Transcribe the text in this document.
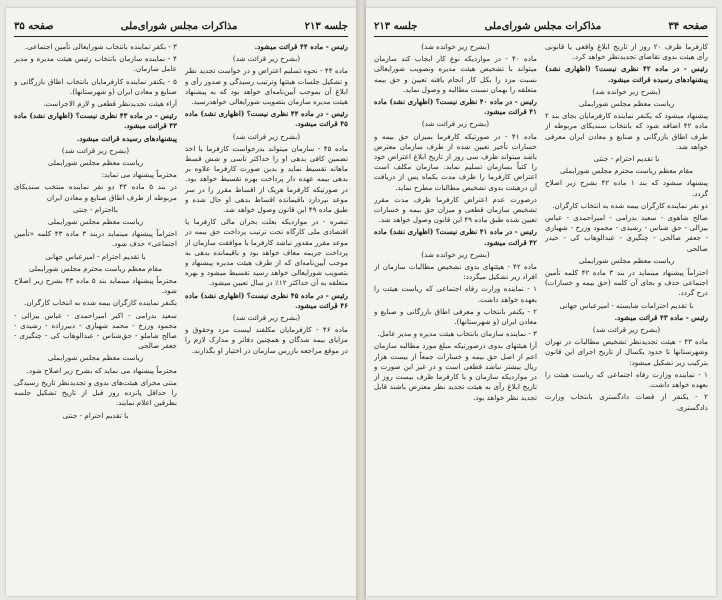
جلسه ۲۱۳
مذاکرات مجلس شورای‌ملی
صفحه ۳۵

۳ - بکفر نماینده بانتخاب شورایعالی تأمین اجتماعی.

۴ - نماینده سازمان بانتخاب رئیس هیئت مدیره و مدیر عامل سازمان.

۵ - یکنفر نماینده کارفرمایان بانتخاب اطاق بازرگانی و صنایع و معادن ایران (و شهرستانها).

آراء هیئت تجدیدنظر قطعی و لازم الاجراست.

رئیس - در ماده ۴۳ نظری نیست؟ (اظهاری نشد) ماده ۴۳ قرائت میشود.

پیشنهادهای رسیده قرائت میشود.

(بشرح زیر قرائت شد)

ریاست معظم مجلس شورایملی

محترماً پیشنهاد می نماید:

در بند ۵ ماده ۴۳ دو نفر نماینده منتخب سندیکای مربوطه از طرف اطاق صنایع و معادن ایران

بااحترام - جنتی

ریاست معظم مجلس شورایملی

احتراماً پیشنهاد مینماید دربند ۳ ماده ۴۳ کلمه «تأمین اجتماعی» حذف شود.

با تقدیم احترام - امیرعباس جهانی

مقام معظم ریاست محترم مجلس شورایملی

محترماً پیشنهاد مینماید بند ۵ ماده ۴۳ بشرح زیر اصلاح شود.

یکنفر نماینده کارگران بیمه شده به انتخاب کارگران.

سعید بدرامی - اکبر امیراحمدی - عباس بیزالی - محمود وزرخ - محمد شهبازی - دبیرزاده - رشیدی - صالح شاملو - حق‌شناس - عبدالوهاب کی - چنگیزی - جعفر صالحی

ریاست معظم مجلس شورایملی

محترماً پیشنهاد می نماید که بشرح زیر اصلاح شود.

منتی مجرای هیئت‌های بدوی و تجدیدنظر تاریخ رسیدگی را حداقل پانزده روز قبل از تاریخ تشکیل جلسه بطرفین اعلام نمایند.

با تقدیم احترام - جنتی

رئیس - ماده ۴۴ قرائت میشود.

(بشرح زیر قرائت شد)

ماده ۴۴ - نحوه تسلیم اعتراض و در خواست تجدید نظر و تشکیل جلسات هیئتها وترتیب رسیدگی و صدور رأی و ابلاغ آن بموجب آیین‌نامه‌ای خواهد بود که به پیشنهاد هیئت مدیره سازمان بتصویب شورایعالی خواهدرسید.

رئیس - در ماده ۴۴ نظری نیست؟ (اظهاری نشد) ماده ۴۵ قرائت میشود.

(بشرح زیر قرائت شد)

ماده ۴۵ - سازمان میتواند بدرخواست کارفرما با اخذ تضمین کافی بدهی او را حداکثر تاسی و شش قسط ماهانه تقسیط نماید و بدین صورت کارفرما علاوه بر بدهی بیمه عهده دار پرداخت بهره تقسیط خواهد بود. در صورتیکه کارفرما هریک از اقساط مقرر را در سر موعد نپردازد باقیمانده اقساط بدهی او حال شده و طبق ماده ۴۹ این قانون وصول خواهد شد.

تبصره - در مواردیکه بعلت بحران مالی کارفرما یا اقتصادی ملی کارگاه تحت ترتیب پرداخت حق بیمه در موعد مقرر مقدور نباشد کارفرما با موافقت سازمان از پرداخت جریمه معاف خواهد بود و باقیمانده بدهی به موجب آیین‌نامه‌ای که از طرف هیئت مدیره پیشنهاد و بتصویب شورایعالی خواهد رسید تقسیط میشود و بهره متعلقه به آن حداکثر ۱۲٪ در سال تعیین میشود.

رئیس - در ماده ۴۵ نظری نیست؟ (اظهاری نشد) ماده ۴۶ قرائت میشود.

(بشرح زیر قرائت شد)

ماده ۴۶ - کارفرمایان مکلفند لیست مزد وحقوق و مزایای بیمه شدگان و همچنین دفاتر و مدارک لازم را در موقع مراجعه بازرس سازمان در اختیار او بگذارند.

صفحه ۳۴
مذاکرات مجلس شورای‌ملی
جلسه ۲۱۳

(بشرح زیر خوانده شد)

ماده ۴۰ - در مواردیکه نوع کار ایجاب کند سازمان میتواند با تشخیص هیئت مدیره وتصویب شورایعالی نسبت مزد را بکل کار انجام یافته تعیین و حق بیمه متعلقه را بهمان نسبت مطالبه و وصول نماید.

رئیس - در ماده ۴۰ نظری نیست؟ (اظهاری نشد) ماده ۴۱ قرائت میشود.

(بشرح زیر قرائت شد)

ماده ۴۱ - در صورتیکه کارفرما بمیزان حق بیمه و خسارات تأخیر تعیین شده از طرف سازمان معترض باشد میتواند ظرف سی روز از تاریخ ابلاغ اعتراض خود را کتباً بسازمان تسلیم نماید. سازمان مکلف است اعتراض کارفرما را ظرف مدت یکماه پس از دریافت آن درهیئت بدوی تشخیص مطالبات مطرح نماید.

درصورت عدم اعتراض کارفرما ظرف مدت مقرر تشخیص سازمان قطعی و میزان حق بیمه و خسارات تعیین شده طبق ماده ۴۹ این قانون وصول خواهد شد.

رئیس - در ماده ۴۱ نظری نیست؟ (اظهاری نشد) ماده ۴۲ قرائت میشود.

(بشرح زیر خوانده شد)

ماده ۴۲ - هیئتهای بدوی تشخیص مطالبات سازمان از افراد زیر تشکیل میگردد:

۱ - نماینده وزارت رفاه اجتماعی که ریاست هیئت را بعهده خواهد داشت.

۲ - یکنفر بانتخاب و معرفی اطاق بازرگانی و صنایع و معادن ایران (و شهرستانها).

۳ - نماینده سازمان بانتخاب هیئت مدیره و مدیر عامل.

آرا هیئتهای بدوی درصورتیکه مبلغ مورد مطالبه سازمان اعم از اصل حق بیمه و خسارات جمعاً از بیست هزار ریال بیشتر نباشد قطعی است و در غیر این صورت و در مواردیکه سازمان و یا کارفرما ظرف بیست روز از تاریخ ابلاغ رأی به هیئت تجدید نظر معترض باشند قابل تجدید نظر خواهد بود.

کارفرما ظرف ۲۰ روز از تاریخ ابلاغ واقعی یا قانونی رأی هیئت بدوی تقاضای تجدیدنظر خواهد کرد.

رئیس - در ماده ۴۲ نظری نیست؟ (اظهاری نشد) پیشنهادهای رسیده قرائت میشود.

(بشرح زیر خوانده شد)

ریاست معظم مجلس شورایملی

پیشنهاد میشود که یکنفر نماینده کارفرمایان بجای بند ۲ ماده ۴۲ اضافه شود که بانتخاب سندیکای مربوطه از طرف اطاق بازرگانی و صنایع و معادن ایران معرفی خواهد شد.

با تقدیم احترام - جنتی

مقام معظم ریاست محترم مجلس شورایملی

پیشنهاد میشود که بند ۱ ماده ۴۲ بشرح زیر اصلاح گردد.

دو نفر نماینده کارگران بیمه شده به انتخاب کارگران.

صالح شاهوی - سعید بدرامی - امیراحمدی - عباس بیزالی - حق شناس - رشیدی - محمود وزرخ - شهبازی - جعفر صالحی - چنگیزی - عبدالوهاب کی - حیدر صالحی

ریاست معظم مجلس شورایملی

احتراماً پیشنهاد مینماید در بند ۳ ماده ۴۲ کلمه تأمین اجتماعی حذف و بجای آن کلمه (حق بیمه و خسارات) درج گردد.

با تقدیم احترامات شایسته - امیرعباس جهانی

رئیس - ماده ۴۳ قرائت میشود.

(بشرح زیر قرائت شد)

ماده ۴۳ - هیئت تجدیدنظر تشخیص مطالبات در تهران وشهرستانها تا حدود یکسال از تاریخ اجرای این قانون بترکیب زیر تشکیل میشود:

۱ - نماینده وزارت رفاه اجتماعی که ریاست هیئت را بعهده خواهد داشت.

۲ - یکنفر از قضات دادگستری بانتخاب وزارت دادگستری.
